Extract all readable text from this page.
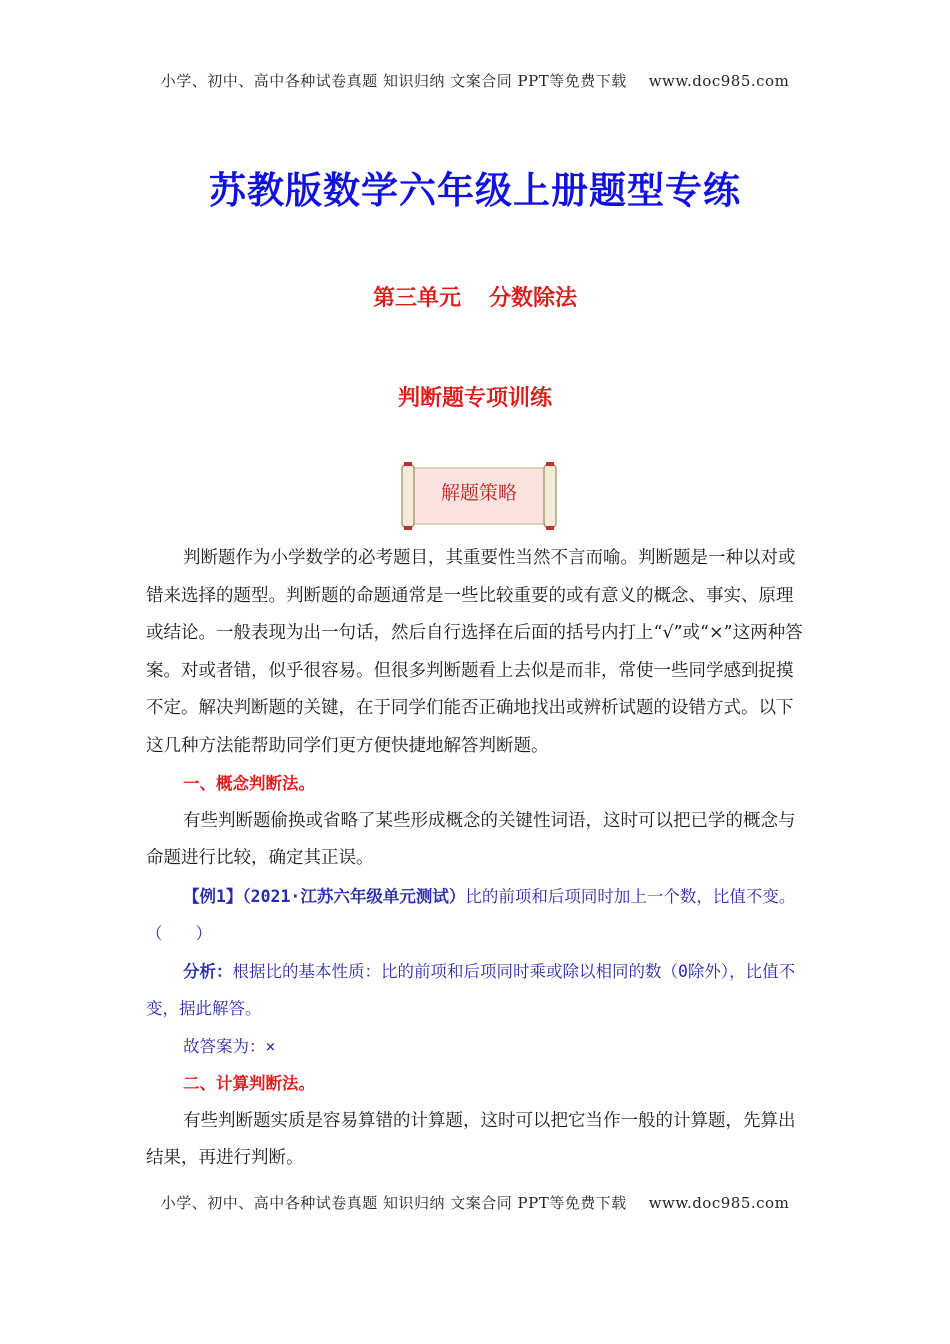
小学、初中、高中各种试卷真题 知识归纳 文案合同 PPT等免费下载 www.doc985.com
苏教版数学六年级上册题型专练
第三单元 分数除法
判断题专项训练
解题策略

判断题作为小学数学的必考题目，其重要性当然不言而喻。判断题是一种以对或错来选择的题型。判断题的命题通常是一些比较重要的或有意义的概念、事实、原理或结论。一般表现为出一句话，然后自行选择在后面的括号内打上“√”或“×”这两种答案。对或者错，似乎很容易。但很多判断题看上去似是而非，常使一些同学感到捉摸不定。解决判断题的关键，在于同学们能否正确地找出或辨析试题的设错方式。以下这几种方法能帮助同学们更方便快捷地解答判断题。

一、概念判断法。

有些判断题偷换或省略了某些形成概念的关键性词语，这时可以把已学的概念与命题进行比较，确定其正误。

【例1】（2021·江苏六年级单元测试）比的前项和后项同时加上一个数，比值不变。（　　）

分析：根据比的基本性质：比的前项和后项同时乘或除以相同的数（0除外），比值不变，据此解答。

故答案为：×

二、计算判断法。

有些判断题实质是容易算错的计算题，这时可以把它当作一般的计算题，先算出结果，再进行判断。

小学、初中、高中各种试卷真题 知识归纳 文案合同 PPT等免费下载 www.doc985.com
